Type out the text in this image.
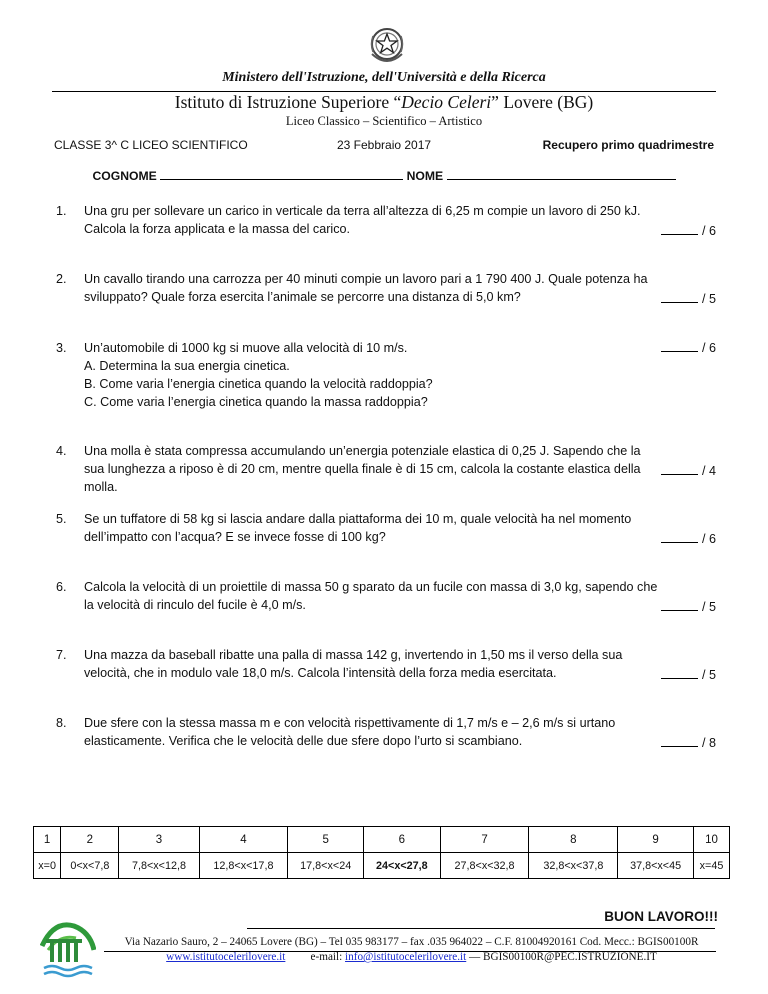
Ministero dell'Istruzione, dell'Università e della Ricerca
Istituto di Istruzione Superiore “Decio Celeri” Lovere (BG)
Liceo Classico – Scientifico – Artistico
CLASSE 3^ C LICEO SCIENTIFICO	23 Febbraio 2017	Recupero primo quadrimestre
COGNOME	NOME
1. Una gru per sollevare un carico in verticale da terra all’altezza di 6,25 m compie un lavoro di 250 kJ. Calcola la forza applicata e la massa del carico.	/ 6
2. Un cavallo tirando una carrozza per 40 minuti compie un lavoro pari a 1 790 400 J. Quale potenza ha sviluppato? Quale forza esercita l’animale se percorre una distanza di 5,0 km?	/ 5
3. Un’automobile di 1000 kg si muove alla velocità di 10 m/s.
A. Determina la sua energia cinetica.
B. Come varia l’energia cinetica quando la velocità raddoppia?
C. Come varia l’energia cinetica quando la massa raddoppia?
/ 6
4. Una molla è stata compressa accumulando un’energia potenziale elastica di 0,25 J. Sapendo che la sua lunghezza a riposo è di 20 cm, mentre quella finale è di 15 cm, calcola la costante elastica della molla.
/ 4
5. Se un tuffatore di 58 kg si lascia andare dalla piattaforma dei 10 m, quale velocità ha nel momento dell’impatto con l’acqua? E se invece fosse di 100 kg?	/ 6
6. Calcola la velocità di un proiettile di massa 50 g sparato da un fucile con massa di 3,0 kg, sapendo che la velocità di rinculo del fucile è 4,0 m/s.	/ 5
7. Una mazza da baseball ribatte una palla di massa 142 g, invertendo in 1,50 ms il verso della sua velocità, che in modulo vale 18,0 m/s. Calcola l’intensità della forza media esercitata.	/ 5
8. Due sfere con la stessa massa m e con velocità rispettivamente di 1,7 m/s e – 2,6 m/s si urtano elasticamente. Verifica che le velocità delle due sfere dopo l’urto si scambiano.	/ 8
1	2	3	4	5	6	7	8	9	10
x=0	0<x<7,8	7,8<x<12,8	12,8<x<17,8	17,8<x<24	24<x<27,8	27,8<x<32,8	32,8<x<37,8	37,8<x<45	x=45
BUON LAVORO!!!
Via Nazario Sauro, 2 – 24065 Lovere (BG) – Tel 035 983177 – fax .035 964022 – C.F. 81004920161 Cod. Mecc.: BGIS00100R
www.istitutocelerilovere.it e-mail: info@istitutocelerilovere.it — BGIS00100R@PEC.ISTRUZIONE.IT
